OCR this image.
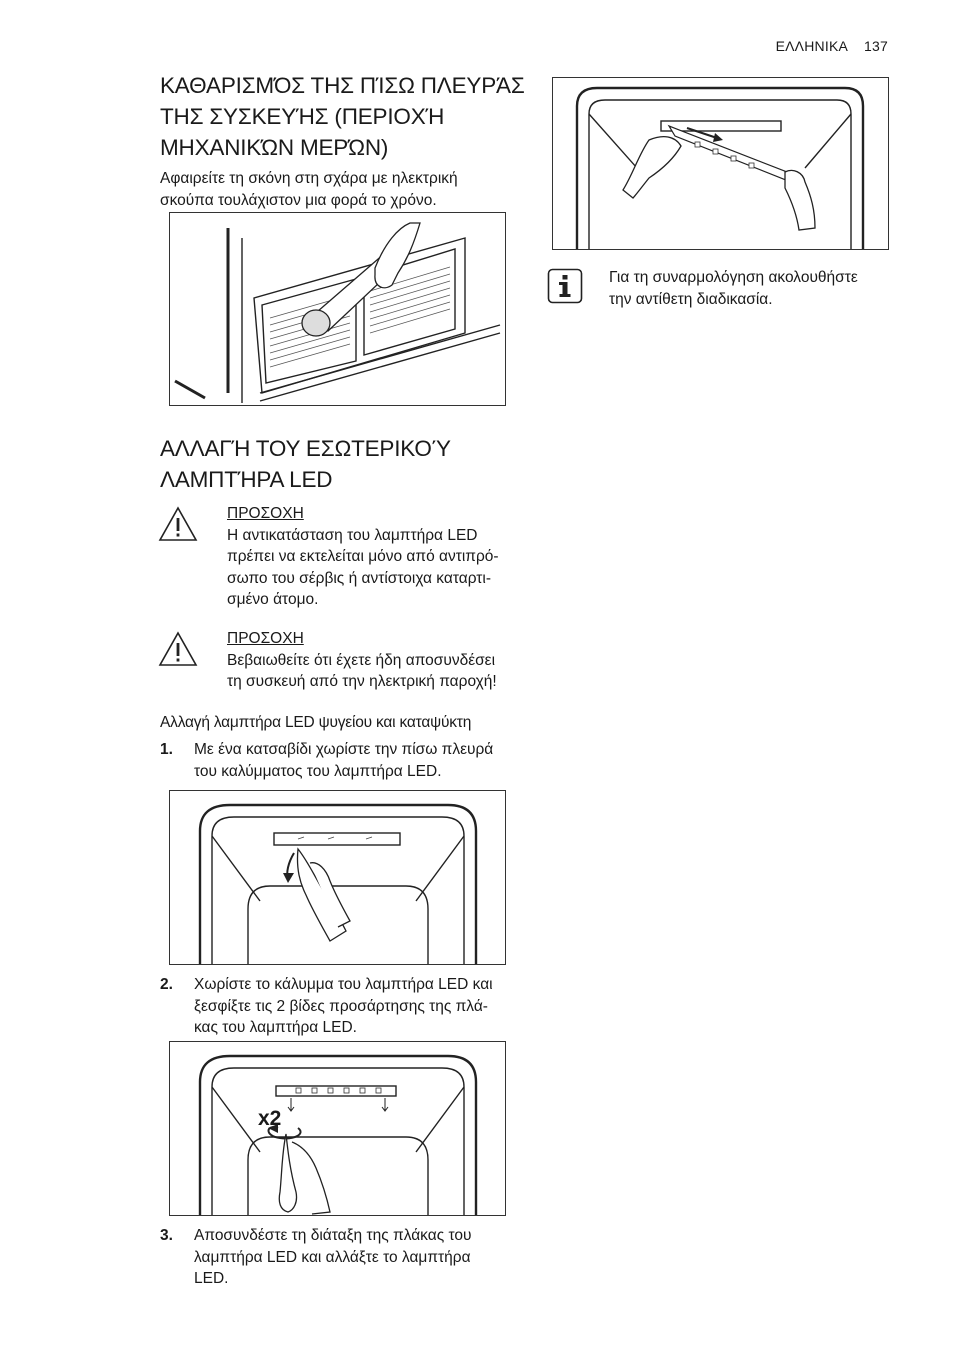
ΕΛΛΗΝΙΚΑ 137
ΚΑΘΑΡΙΣΜΌΣ ΤΗΣ ΠΊΣΩ ΠΛΕΥΡΆΣ
ΤΗΣ ΣΥΣΚΕΥΉΣ (ΠΕΡΙΟΧΉ
ΜΗΧΑΝΙΚΏΝ ΜΕΡΏΝ)
Αφαιρείτε τη σκόνη στη σχάρα με ηλεκτρική
σκούπα τουλάχιστον μια φορά το χρόνο.
ΑΛΛΑΓΉ ΤΟΥ ΕΣΩΤΕΡΙΚΟΎ
ΛΑΜΠΤΉΡΑ LED
ΠΡΟΣΟΧΗ
Η αντικατάσταση του λαμπτήρα LED
πρέπει να εκτελείται μόνο από αντιπρό-
σωπο του σέρβις ή αντίστοιχα καταρτι-
σμένο άτομο.
ΠΡΟΣΟΧΗ
Βεβαιωθείτε ότι έχετε ήδη αποσυνδέσει
τη συσκευή από την ηλεκτρική παροχή!
Αλλαγή λαμπτήρα LED ψυγείου και καταψύκτη
1. Με ένα κατσαβίδι χωρίστε την πίσω πλευρά
του καλύμματος του λαμπτήρα LED.
2. Χωρίστε το κάλυμμα του λαμπτήρα LED και
ξεσφίξτε τις 2 βίδες προσάρτησης της πλά-
κας του λαμπτήρα LED.
x2
3. Αποσυνδέστε τη διάταξη της πλάκας του
λαμπτήρα LED και αλλάξτε το λαμπτήρα
LED.
Για τη συναρμολόγηση ακολουθήστε
την αντίθετη διαδικασία.
